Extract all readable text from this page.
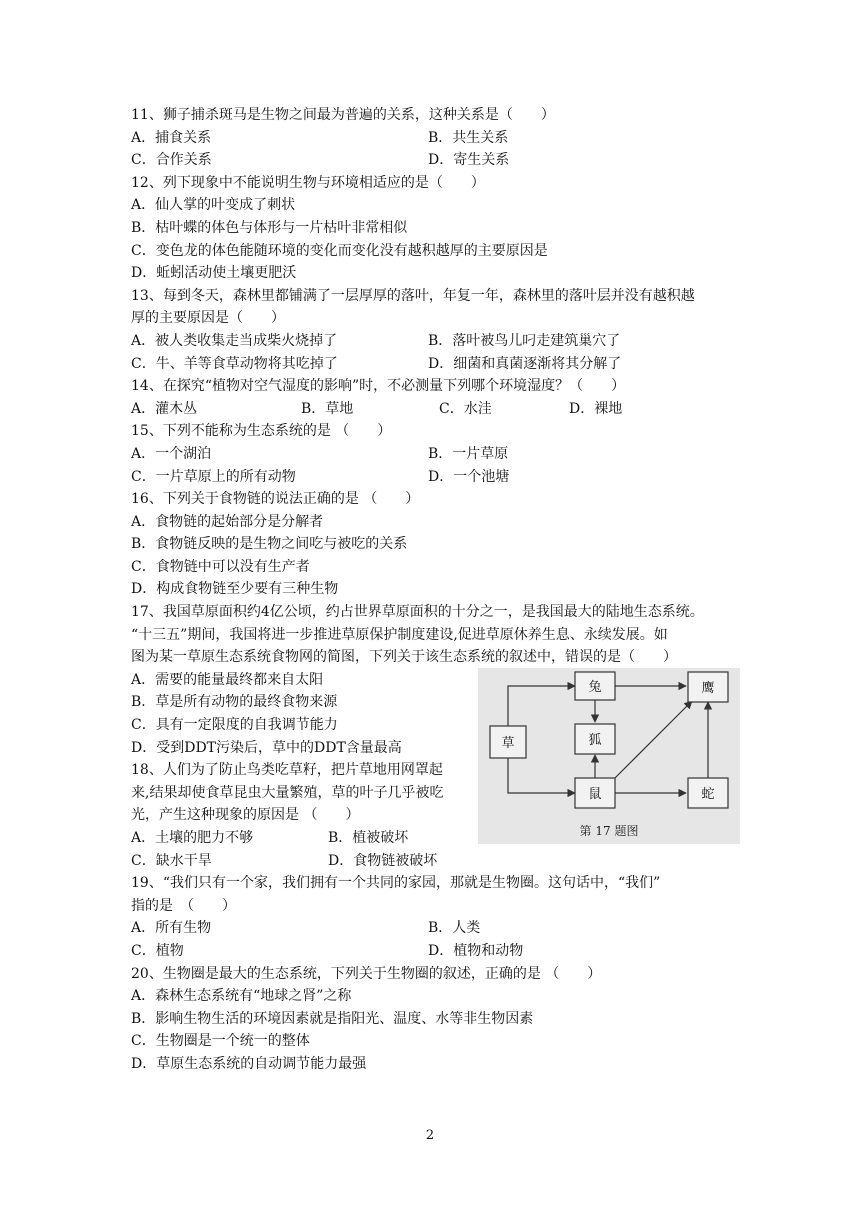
11、狮子捕杀斑马是生物之间最为普遍的关系，这种关系是（　　）
A．捕食关系	B．共生关系
C．合作关系	D．寄生关系
12、列下现象中不能说明生物与环境相适应的是（　　）
A．仙人掌的叶变成了刺状
B．枯叶蝶的体色与体形与一片枯叶非常相似
C．变色龙的体色能随环境的变化而变化没有越积越厚的主要原因是
D．蚯蚓活动使土壤更肥沃
13、每到冬天，森林里都铺满了一层厚厚的落叶，年复一年，森林里的落叶层并没有越积越
厚的主要原因是（　　）
A．被人类收集走当成柴火烧掉了	B．落叶被鸟儿叼走建筑巢穴了
C．牛、羊等食草动物将其吃掉了	D．细菌和真菌逐渐将其分解了
14、在探究“植物对空气湿度的影响”时，不必测量下列哪个环境湿度？（　　）
A．灌木丛	B．草地	C．水洼	D．裸地
15、下列不能称为生态系统的是 （　　）
A．一个湖泊	B．一片草原
C．一片草原上的所有动物	D．一个池塘
16、下列关于食物链的说法正确的是 （　　）
A．食物链的起始部分是分解者
B．食物链反映的是生物之间吃与被吃的关系
C．食物链中可以没有生产者
D．构成食物链至少要有三种生物
17、我国草原面积约4亿公顷，约占世界草原面积的十分之一，是我国最大的陆地生态系统。
“十三五”期间，我国将进一步推进草原保护制度建设,促进草原休养生息、永续发展。如
图为某一草原生态系统食物网的简图，下列关于该生态系统的叙述中，错误的是（　　）
A．需要的能量最终都来自太阳
B．草是所有动物的最终食物来源
C．具有一定限度的自我调节能力
D．受到DDT污染后，草中的DDT含量最高
18、人们为了防止鸟类吃草籽，把片草地用网罩起
来,结果却使食草昆虫大量繁殖，草的叶子几乎被吃
光，产生这种现象的原因是 （　　）
A．土壤的肥力不够	B．植被破坏
C．缺水干旱	D．食物链被破坏
19、“我们只有一个家，我们拥有一个共同的家园，那就是生物圈。这句话中，“我们”
指的是　（　　）
A．所有生物	B．人类
C．植物	D．植物和动物
20、生物圈是最大的生态系统，下列关于生物圈的叙述，正确的是 （　　）
A．森林生态系统有“地球之肾”之称
B．影响生物生活的环境因素就是指阳光、温度、水等非生物因素
C．生物圈是一个统一的整体
D．草原生态系统的自动调节能力最强
草
兔
狐
鼠
鹰
蛇
第 17 题图
2
